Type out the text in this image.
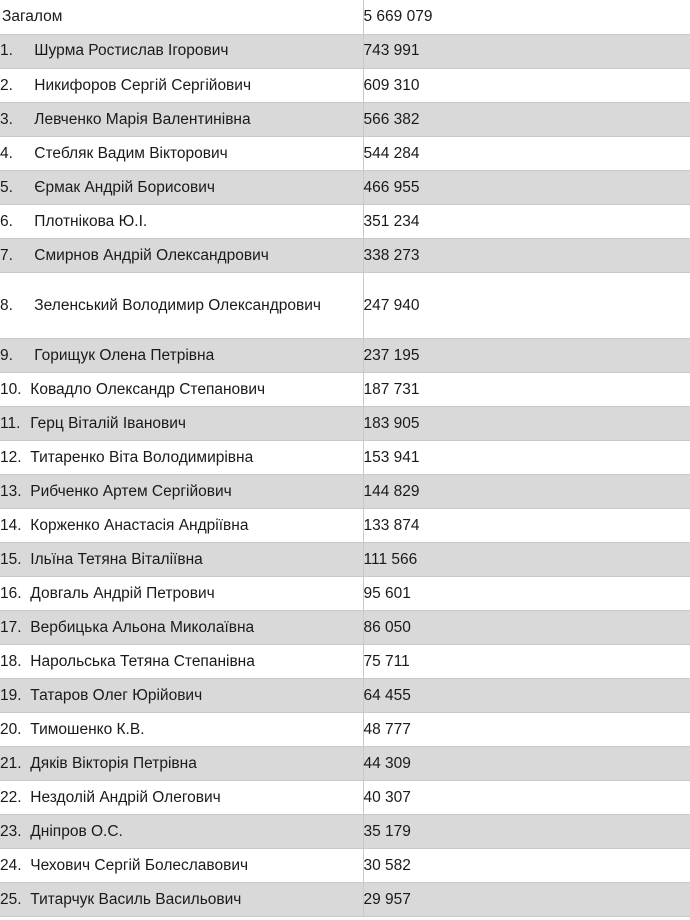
Загалом	5 669 079
1. Шурма Ростислав Ігорович	743 991
2. Никифоров Сергій Сергійович	609 310
3. Левченко Марія Валентинівна	566 382
4. Стебляк Вадим Вікторович	544 284
5. Єрмак Андрій Борисович	466 955
6. Плотнікова Ю.І.	351 234
7. Смирнов Андрій Олександрович	338 273
8. Зеленський Володимир Олександрович	247 940
9. Горищук Олена Петрівна	237 195
10. Ковадло Олександр Степанович	187 731
11. Герц Віталій Іванович	183 905
12. Титаренко Віта Володимирівна	153 941
13. Рибченко Артем Сергійович	144 829
14. Корженко Анастасія Андріївна	133 874
15. Ільїна Тетяна Віталіївна	111 566
16. Довгаль Андрій Петрович	95 601
17. Вербицька Альона Миколаївна	86 050
18. Нарольська Тетяна Степанівна	75 711
19. Татаров Олег Юрійович	64 455
20. Тимошенко К.В.	48 777
21. Дяків Вікторія Петрівна	44 309
22. Нездолій Андрій Олегович	40 307
23. Дніпров О.С.	35 179
24. Чехович Сергій Болеславович	30 582
25. Титарчук Василь Васильович	29 957
